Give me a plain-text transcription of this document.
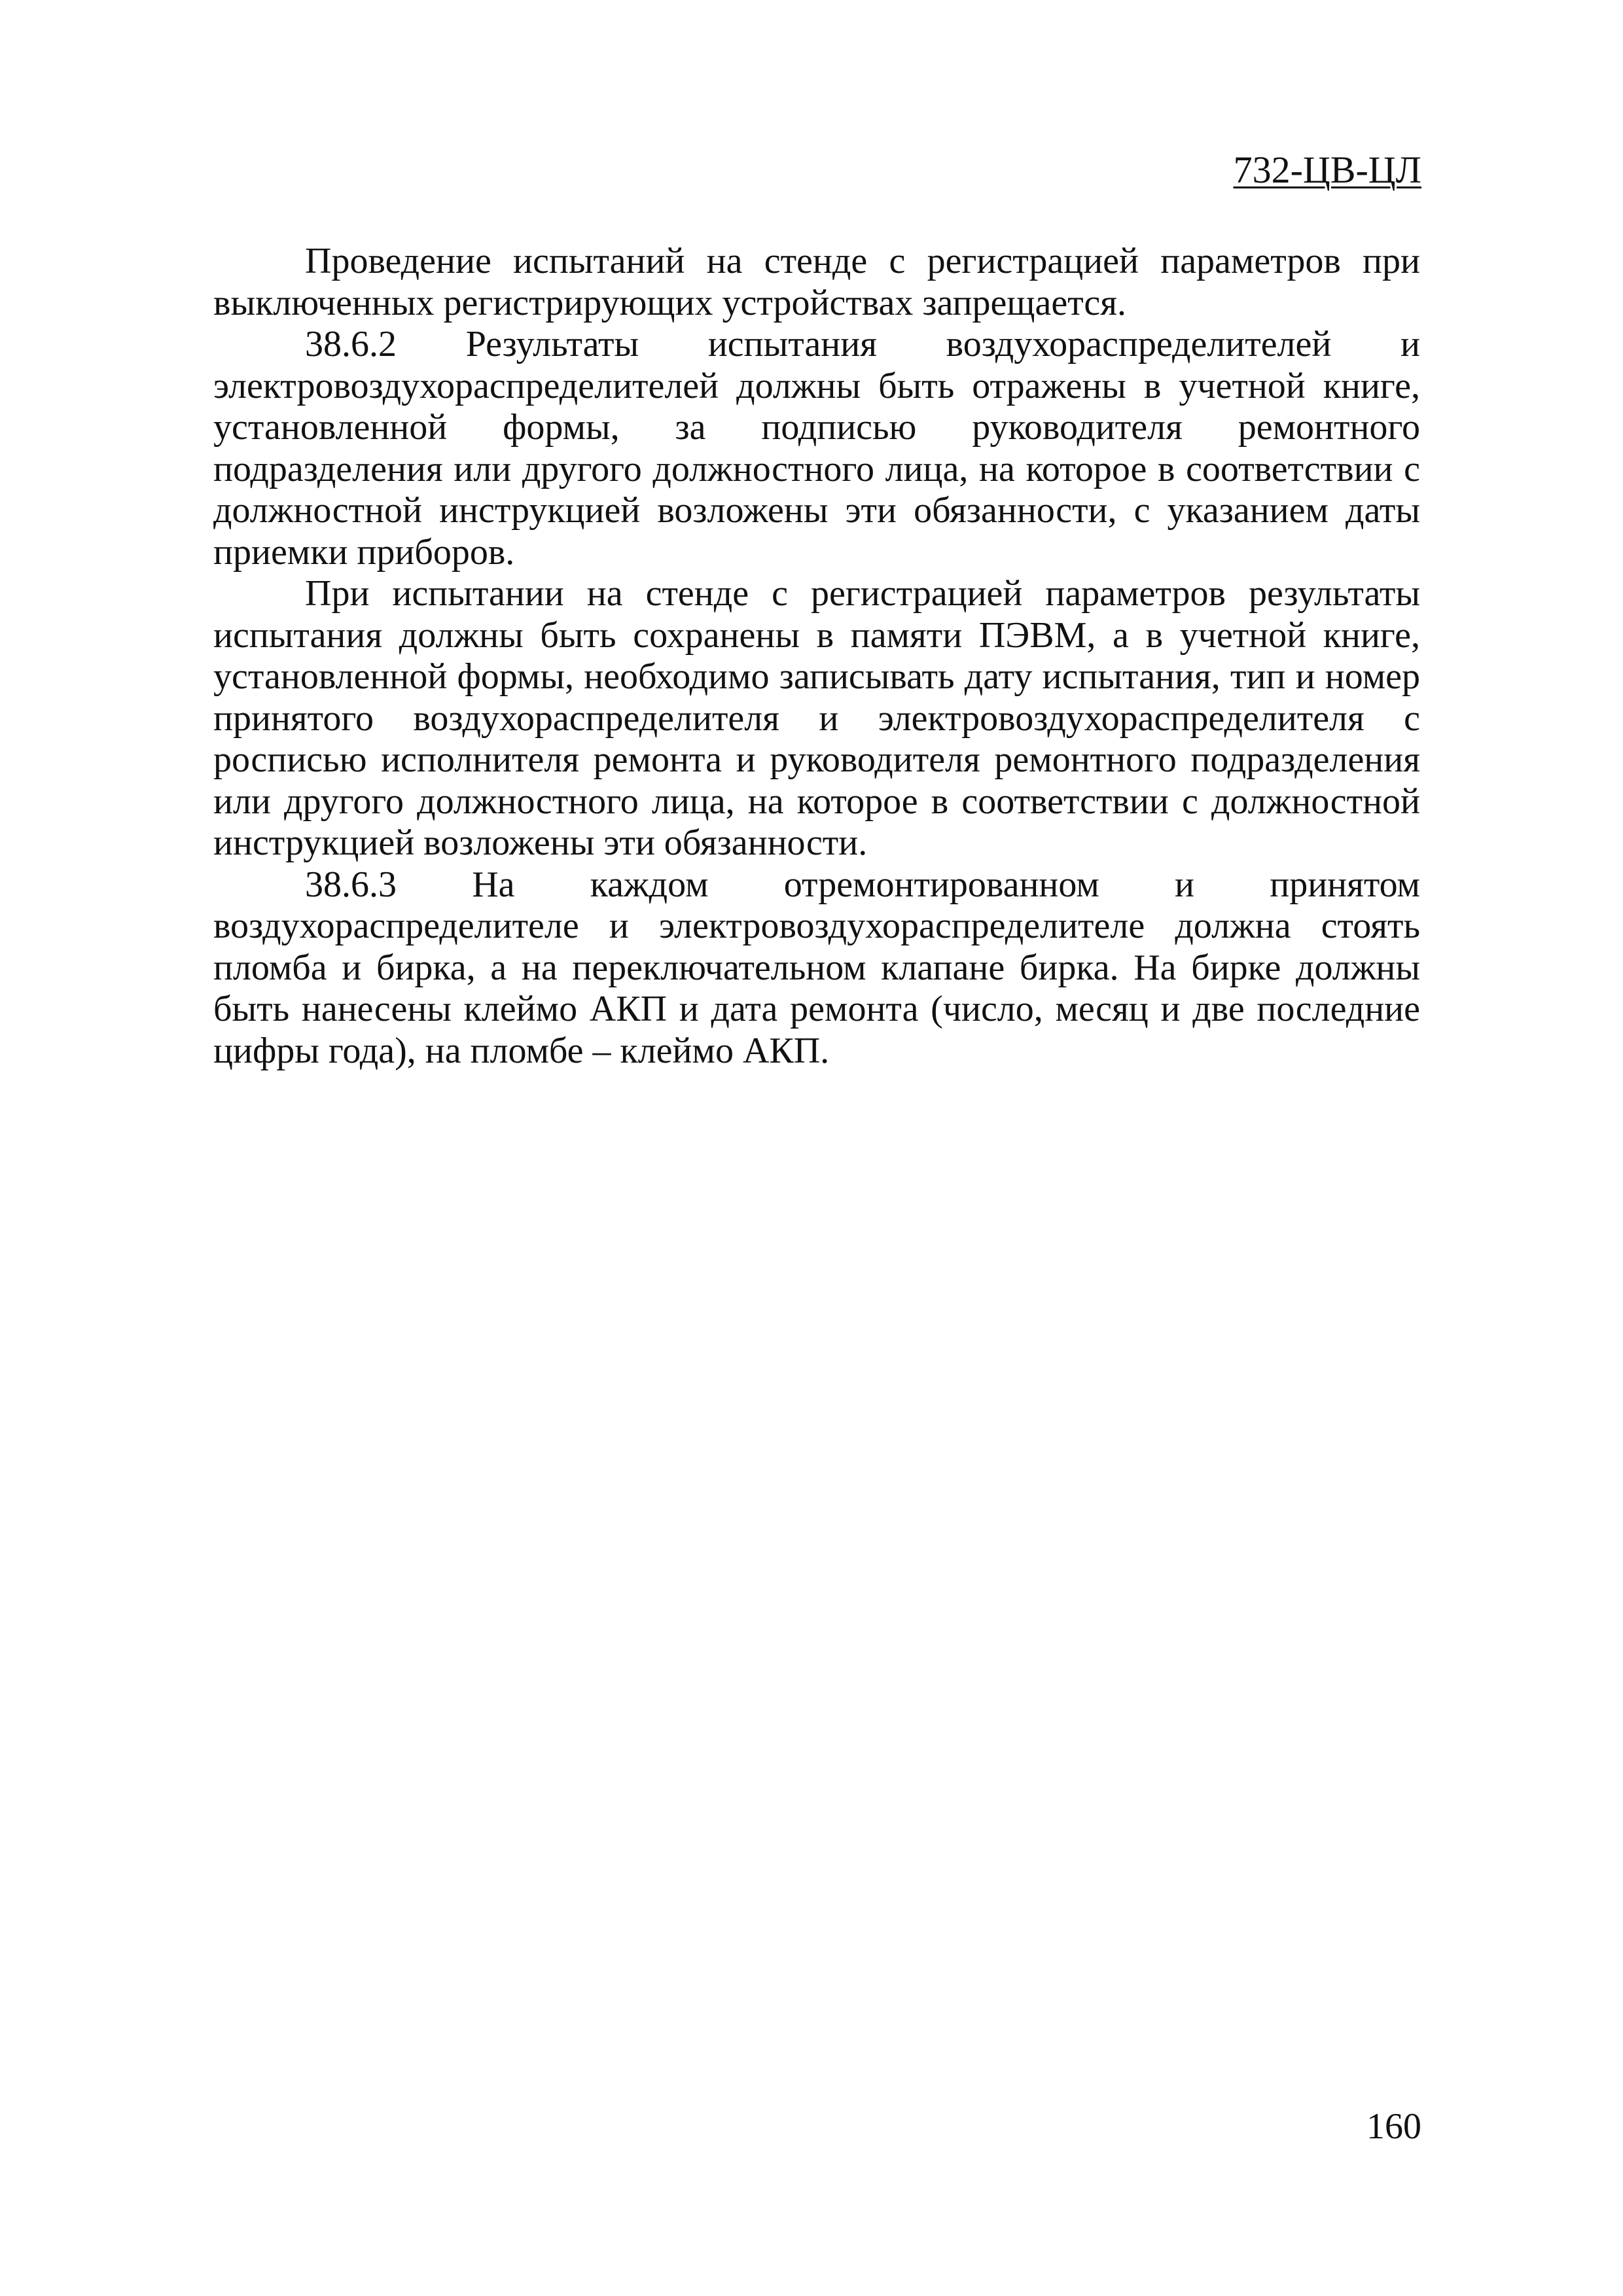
732-ЦВ-ЦЛ

Проведение испытаний на стенде с регистрацией параметров при выключенных регистрирующих устройствах запрещается.

38.6.2 Результаты испытания воздухораспределителей и

электровоздухораспределителей должны быть отражены в учетной книге, установленной формы, за подписью руководителя ремонтного подразделения или другого должностного лица, на которое в соответствии с должностной инструкцией возложены эти обязанности, с указанием даты приемки приборов.

При испытании на стенде с регистрацией параметров результаты испытания должны быть сохранены в памяти ПЭВМ, а в учетной книге, установленной формы, необходимо записывать дату испытания, тип и номер принятого воздухораспределителя и электровоздухораспределителя с росписью исполнителя ремонта и руководителя ремонтного подразделения или другого должностного лица, на которое в соответствии с должностной инструкцией возложены эти обязанности.

38.6.3 На каждом отремонтированном и принятом

воздухораспределителе и электровоздухораспределителе должна стоять пломба и бирка, а на переключательном клапане бирка. На бирке должны быть нанесены клеймо АКП и дата ремонта (число, месяц и две последние цифры года), на пломбе – клеймо АКП.

160
